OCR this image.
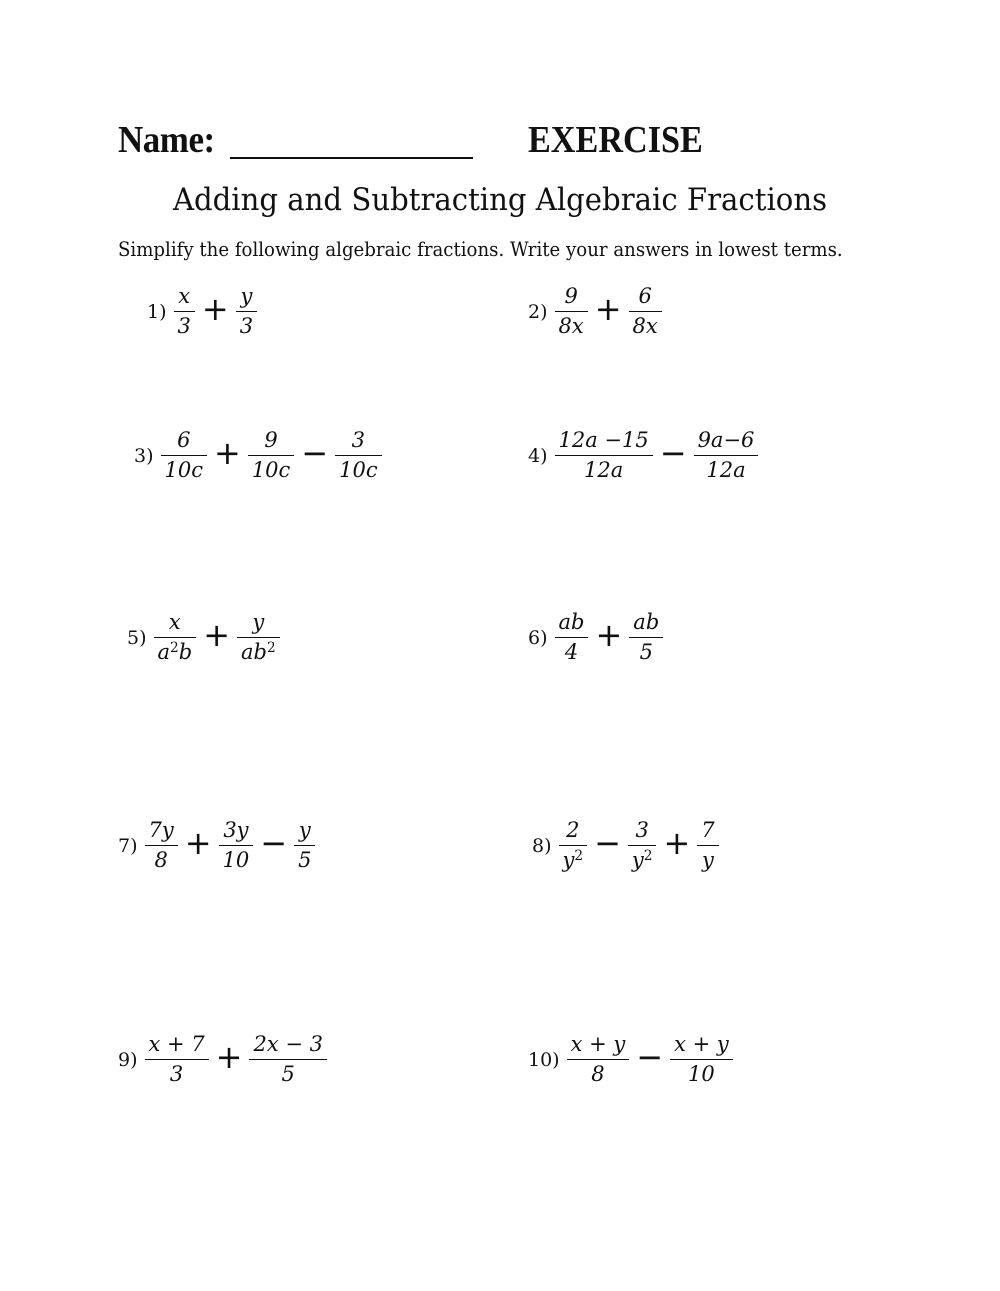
Name:	EXERCISE
Adding and Subtracting Algebraic Fractions
Simplify the following algebraic fractions. Write your answers in lowest terms.
$1) \frac{x}{3} + \frac{y}{3}$	$2) \frac{9}{8x} + \frac{6}{8x}$
$3) \frac{6}{10c} + \frac{9}{10c} - \frac{3}{10c}$	$4) \frac{12a -15}{12a} - \frac{9a-6}{12a}$
$5) \frac{x}{a^2b} + \frac{y}{ab^2}$	$6) \frac{ab}{4} + \frac{ab}{5}$
$7) \frac{7y}{8} + \frac{3y}{10} - \frac{y}{5}$	$8) \frac{2}{y^2} - \frac{3}{y^2} + \frac{7}{y}$
$9) \frac{x + 7}{3} + \frac{2x - 3}{5}$	$10) \frac{x + y}{8} - \frac{x + y}{10}$
